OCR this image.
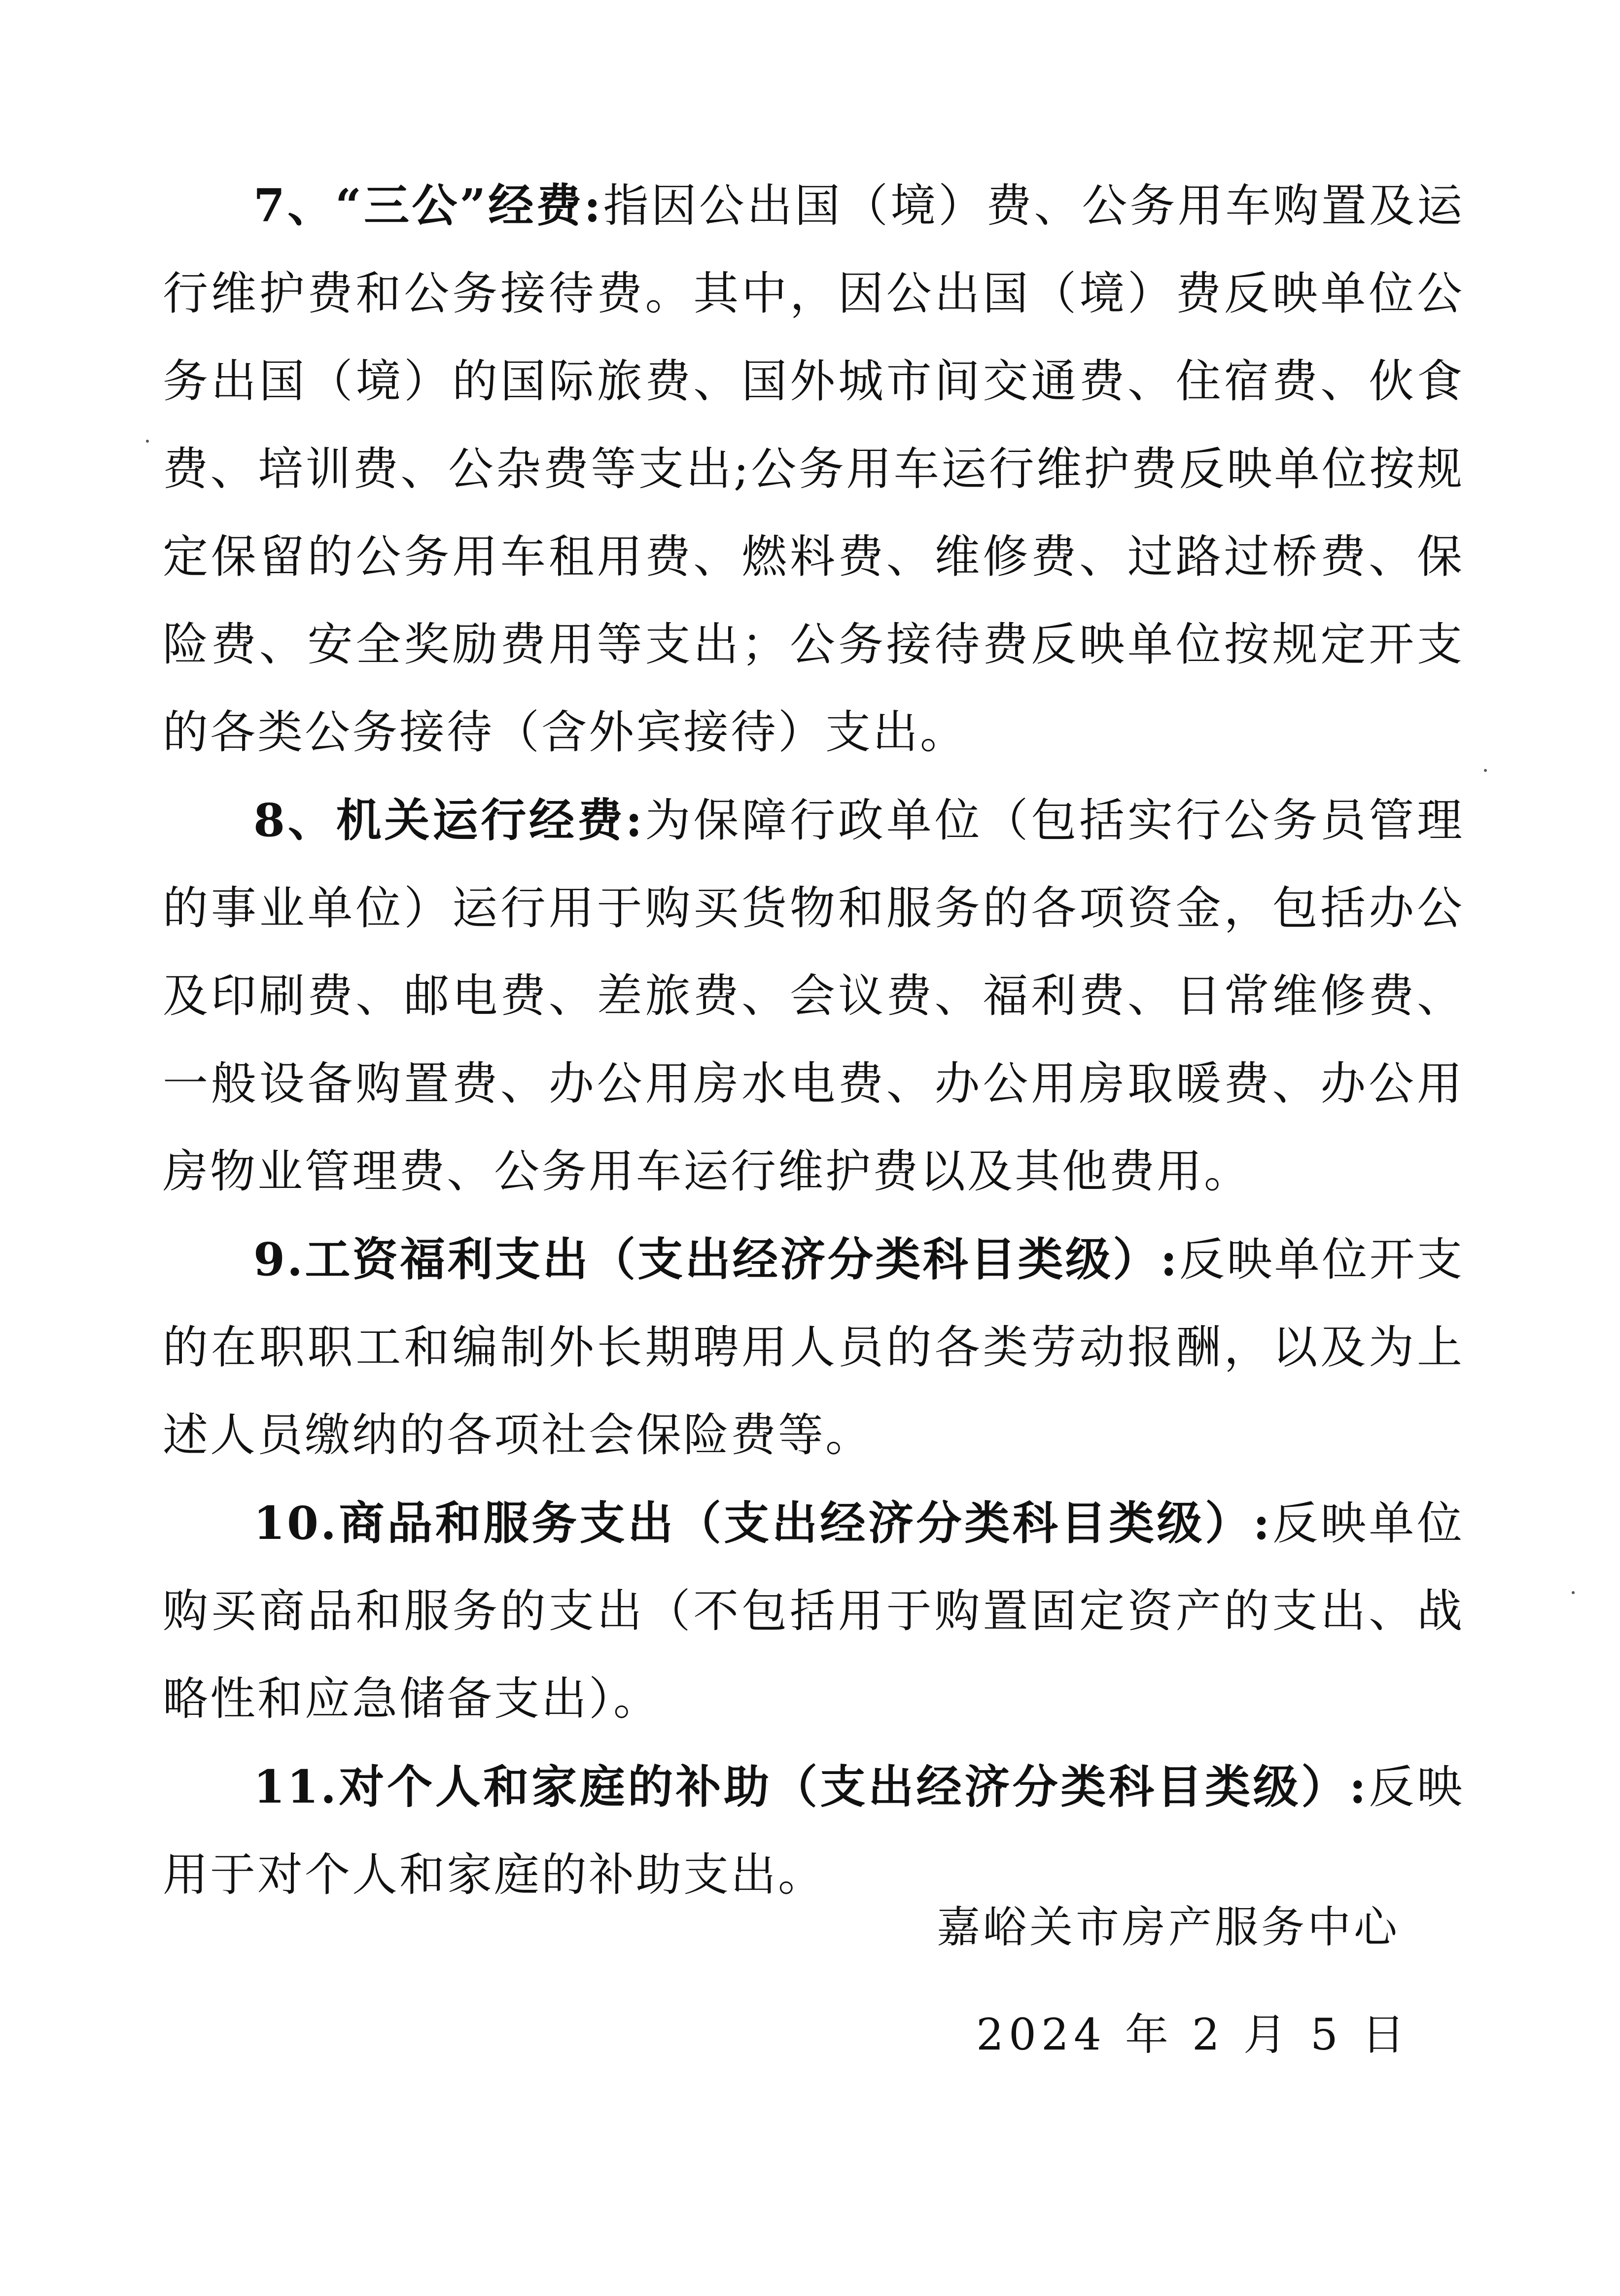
7、“三公”经费:指因公出国（境）费、公务用车购置及运行维护费和公务接待费。其中，因公出国（境）费反映单位公务出国（境）的国际旅费、国外城市间交通费、住宿费、伙食费、培训费、公杂费等支出;公务用车运行维护费反映单位按规定保留的公务用车租用费、燃料费、维修费、过路过桥费、保险费、安全奖励费用等支出；公务接待费反映单位按规定开支的各类公务接待（含外宾接待）支出。

8、机关运行经费:为保障行政单位（包括实行公务员管理的事业单位）运行用于购买货物和服务的各项资金，包括办公及印刷费、邮电费、差旅费、会议费、福利费、日常维修费、一般设备购置费、办公用房水电费、办公用房取暖费、办公用房物业管理费、公务用车运行维护费以及其他费用。

9.工资福利支出（支出经济分类科目类级）:反映单位开支的在职职工和编制外长期聘用人员的各类劳动报酬，以及为上述人员缴纳的各项社会保险费等。

10.商品和服务支出（支出经济分类科目类级）:反映单位购买商品和服务的支出（不包括用于购置固定资产的支出、战略性和应急储备支出）。

11.对个人和家庭的补助（支出经济分类科目类级）:反映用于对个人和家庭的补助支出。

嘉峪关市房产服务中心
2024 年 2 月 5 日
